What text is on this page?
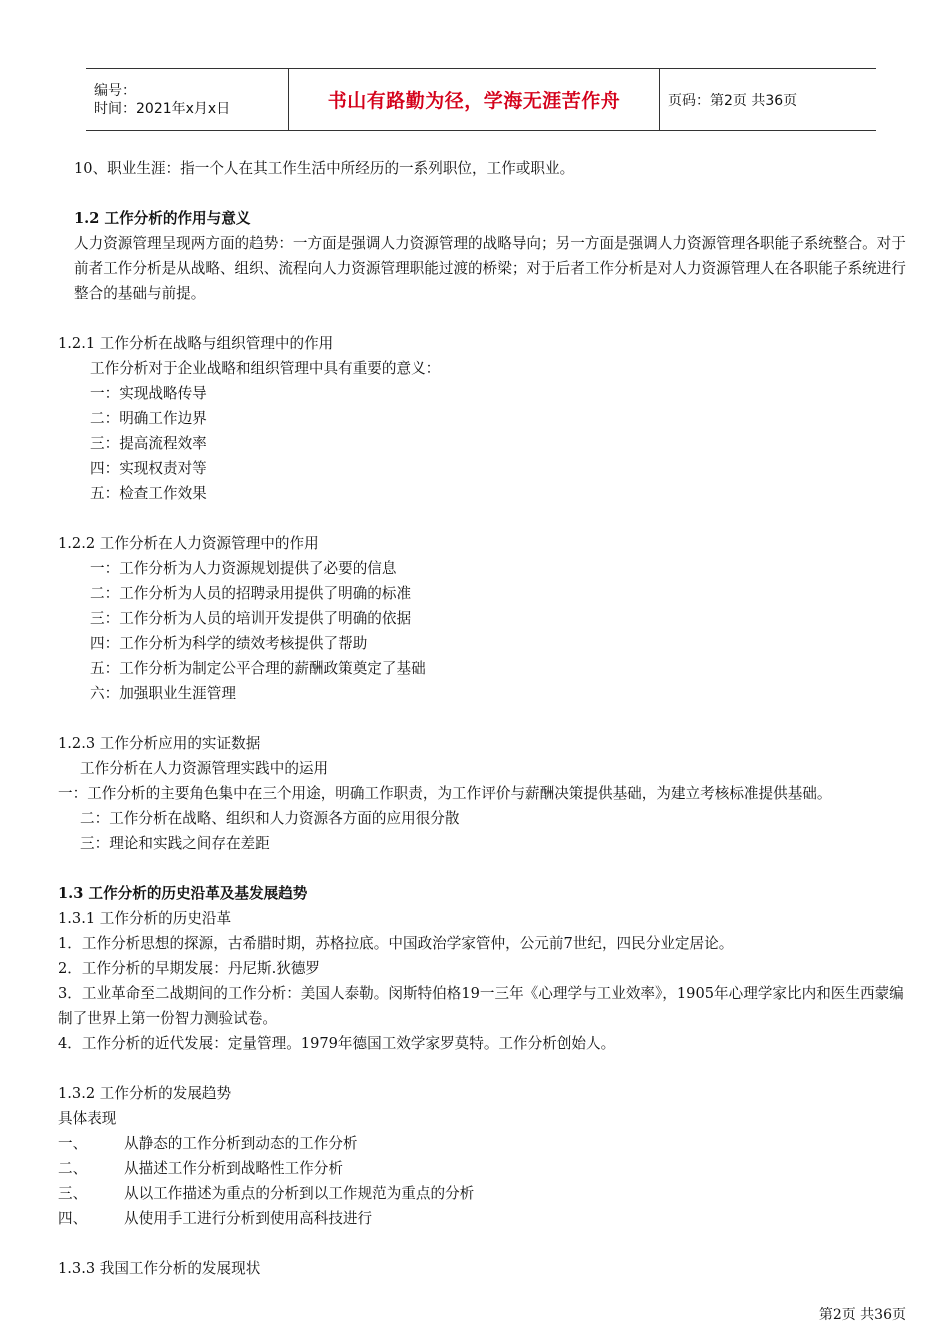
编号：
时间：2021年x月x日	书山有路勤为径，学海无涯苦作舟	页码：第2页 共36页

10、职业生涯：指一个人在其工作生活中所经历的一系列职位，工作或职业。

1.2 工作分析的作用与意义

人力资源管理呈现两方面的趋势：一方面是强调人力资源管理的战略导向；另一方面是强调人力资源管理各职能子系统整合。对于前者工作分析是从战略、组织、流程向人力资源管理职能过渡的桥梁；对于后者工作分析是对人力资源管理人在各职能子系统进行整合的基础与前提。

1.2.1 工作分析在战略与组织管理中的作用

工作分析对于企业战略和组织管理中具有重要的意义：

一：实现战略传导

二：明确工作边界

三：提高流程效率

四：实现权责对等

五：检查工作效果

1.2.2 工作分析在人力资源管理中的作用

一：工作分析为人力资源规划提供了必要的信息

二：工作分析为人员的招聘录用提供了明确的标准

三：工作分析为人员的培训开发提供了明确的依据

四：工作分析为科学的绩效考核提供了帮助

五：工作分析为制定公平合理的薪酬政策奠定了基础

六：加强职业生涯管理

1.2.3 工作分析应用的实证数据

工作分析在人力资源管理实践中的运用

一：工作分析的主要角色集中在三个用途，明确工作职责，为工作评价与薪酬决策提供基础，为建立考核标准提供基础。

二：工作分析在战略、组织和人力资源各方面的应用很分散

三：理论和实践之间存在差距

1.3 工作分析的历史沿革及基发展趋势

1.3.1 工作分析的历史沿革

1．工作分析思想的探源，古希腊时期，苏格拉底。中国政治学家管仲，公元前7世纪，四民分业定居论。

2．工作分析的早期发展：丹尼斯.狄德罗

3．工业革命至二战期间的工作分析：美国人泰勒。闵斯特伯格19一三年《心理学与工业效率》，1905年心理学家比内和医生西蒙编制了世界上第一份智力测验试卷。

4．工作分析的近代发展：定量管理。1979年德国工效学家罗莫特。工作分析创始人。

1.3.2 工作分析的发展趋势

具体表现

一、	从静态的工作分析到动态的工作分析
二、	从描述工作分析到战略性工作分析
三、	从以工作描述为重点的分析到以工作规范为重点的分析
四、	从使用手工进行分析到使用高科技进行

1.3.3 我国工作分析的发展现状

第2页 共36页
